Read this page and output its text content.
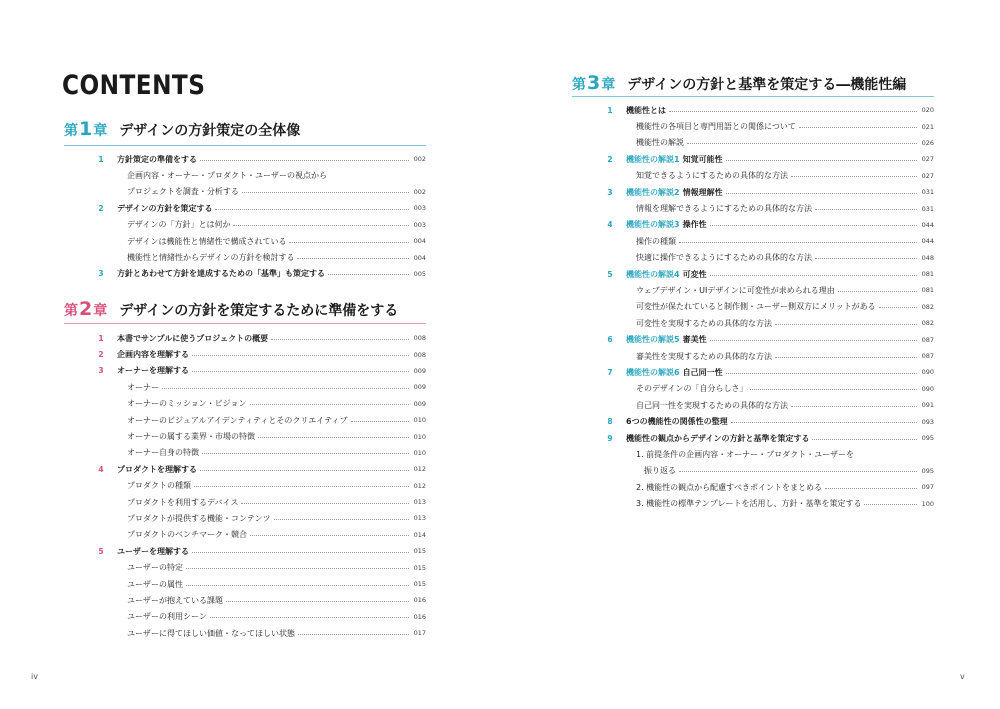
CONTENTS
第 1 章 デザインの方針策定の全体像
1	方針策定の準備をする	002
企画内容・オーナー・プロダクト・ユーザーの視点から
プロジェクトを調査・分析する	002
2	デザインの方針を策定する	003
デザインの「方針」とは何か	003
デザインは機能性と情緒性で構成されている	004
機能性と情緒性からデザインの方針を検討する	004
3	方針とあわせて方針を達成するための「基準」も策定する	005
第 2 章 デザインの方針を策定するために準備をする
1	本書でサンプルに使うプロジェクトの概要	008
2	企画内容を理解する	008
3	オーナーを理解する	009
オーナー	009
オーナーのミッション・ビジョン	009
オーナーのビジュアルアイデンティティとそのクリエイティブ	010
オーナーの属する業界・市場の特徴	010
オーナー自身の特徴	010
4	プロダクトを理解する	012
プロダクトの種類	012
プロダクトを利用するデバイス	013
プロダクトが提供する機能・コンテンツ	013
プロダクトのベンチマーク・競合	014
5	ユーザーを理解する	015
ユーザーの特定	015
ユーザーの属性	015
ユーザーが抱えている課題	016
ユーザーの利用シーン	016
ユーザーに得てほしい価値・なってほしい状態	017
iv
第 3 章 デザインの方針と基準を策定する―機能性編
1	機能性とは	020
機能性の各項目と専門用語との関係について	021
機能性の解説	026
2	機能性の解説1 知覚可能性	027
知覚できるようにするための具体的な方法	027
3	機能性の解説2 情報理解性	031
情報を理解できるようにするための具体的な方法	031
4	機能性の解説3 操作性	044
操作の種類	044
快適に操作できるようにするための具体的な方法	048
5	機能性の解説4 可変性	081
ウェブデザイン・UIデザインに可変性が求められる理由	081
可変性が保たれていると制作側・ユーザー側双方にメリットがある	082
可変性を実現するための具体的な方法	082
6	機能性の解説5 審美性	087
審美性を実現するための具体的な方法	087
7	機能性の解説6 自己同一性	090
そのデザインの「自分らしさ」	090
自己同一性を実現するための具体的な方法	091
8	6つの機能性の関係性の整理	093
9	機能性の観点からデザインの方針と基準を策定する	095
1. 前提条件の企画内容・オーナー・プロダクト・ユーザーを
　振り返る	095
2. 機能性の観点から配慮すべきポイントをまとめる	097
3. 機能性の標準テンプレートを活用し、方針・基準を策定する	100
v
